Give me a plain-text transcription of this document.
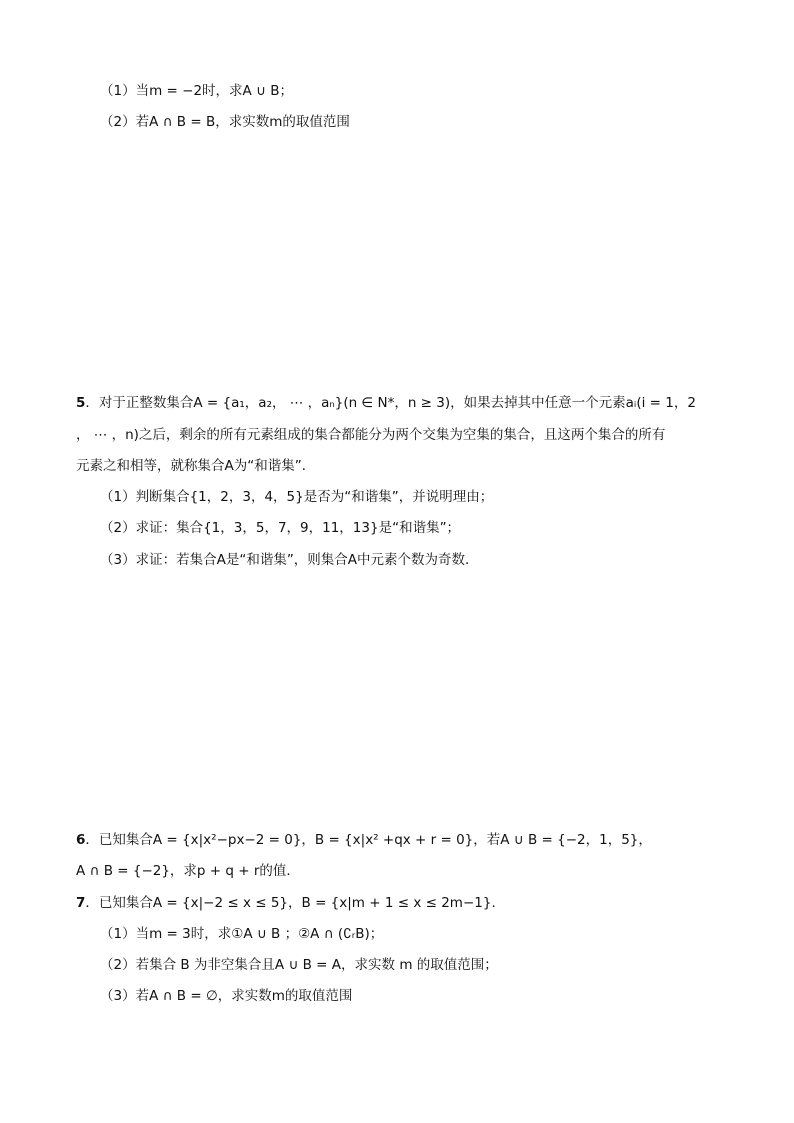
（1）当m = −2时，求A ∪ B；
（2）若A ∩ B = B，求实数m的取值范围
5．对于正整数集合A = {a₁，a₂， ⋯ ，aₙ}(n ∈ N*，n ≥ 3)，如果去掉其中任意一个元素aᵢ(i = 1，2
， ⋯ ，n)之后，剩余的所有元素组成的集合都能分为两个交集为空集的集合，且这两个集合的所有
元素之和相等，就称集合A为“和谐集”．
（1）判断集合{1，2，3，4，5}是否为“和谐集”，并说明理由；
（2）求证：集合{1，3，5，7，9，11，13}是“和谐集”；
（3）求证：若集合A是“和谐集”，则集合A中元素个数为奇数．
6．已知集合A = {x|x²−px−2 = 0}，B = {x|x² +qx + r = 0}，若A ∪ B = {−2，1，5}，
A ∩ B = {−2}，求p + q + r的值．
7．已知集合A = {x|−2 ≤ x ≤ 5}，B = {x|m + 1 ≤ x ≤ 2m−1}.
（1）当m = 3时，求①A ∪ B ；②A ∩ (∁ᵣB)；
（2）若集合 B 为非空集合且A ∪ B = A，求实数 m 的取值范围；
（3）若A ∩ B = ∅，求实数m的取值范围
